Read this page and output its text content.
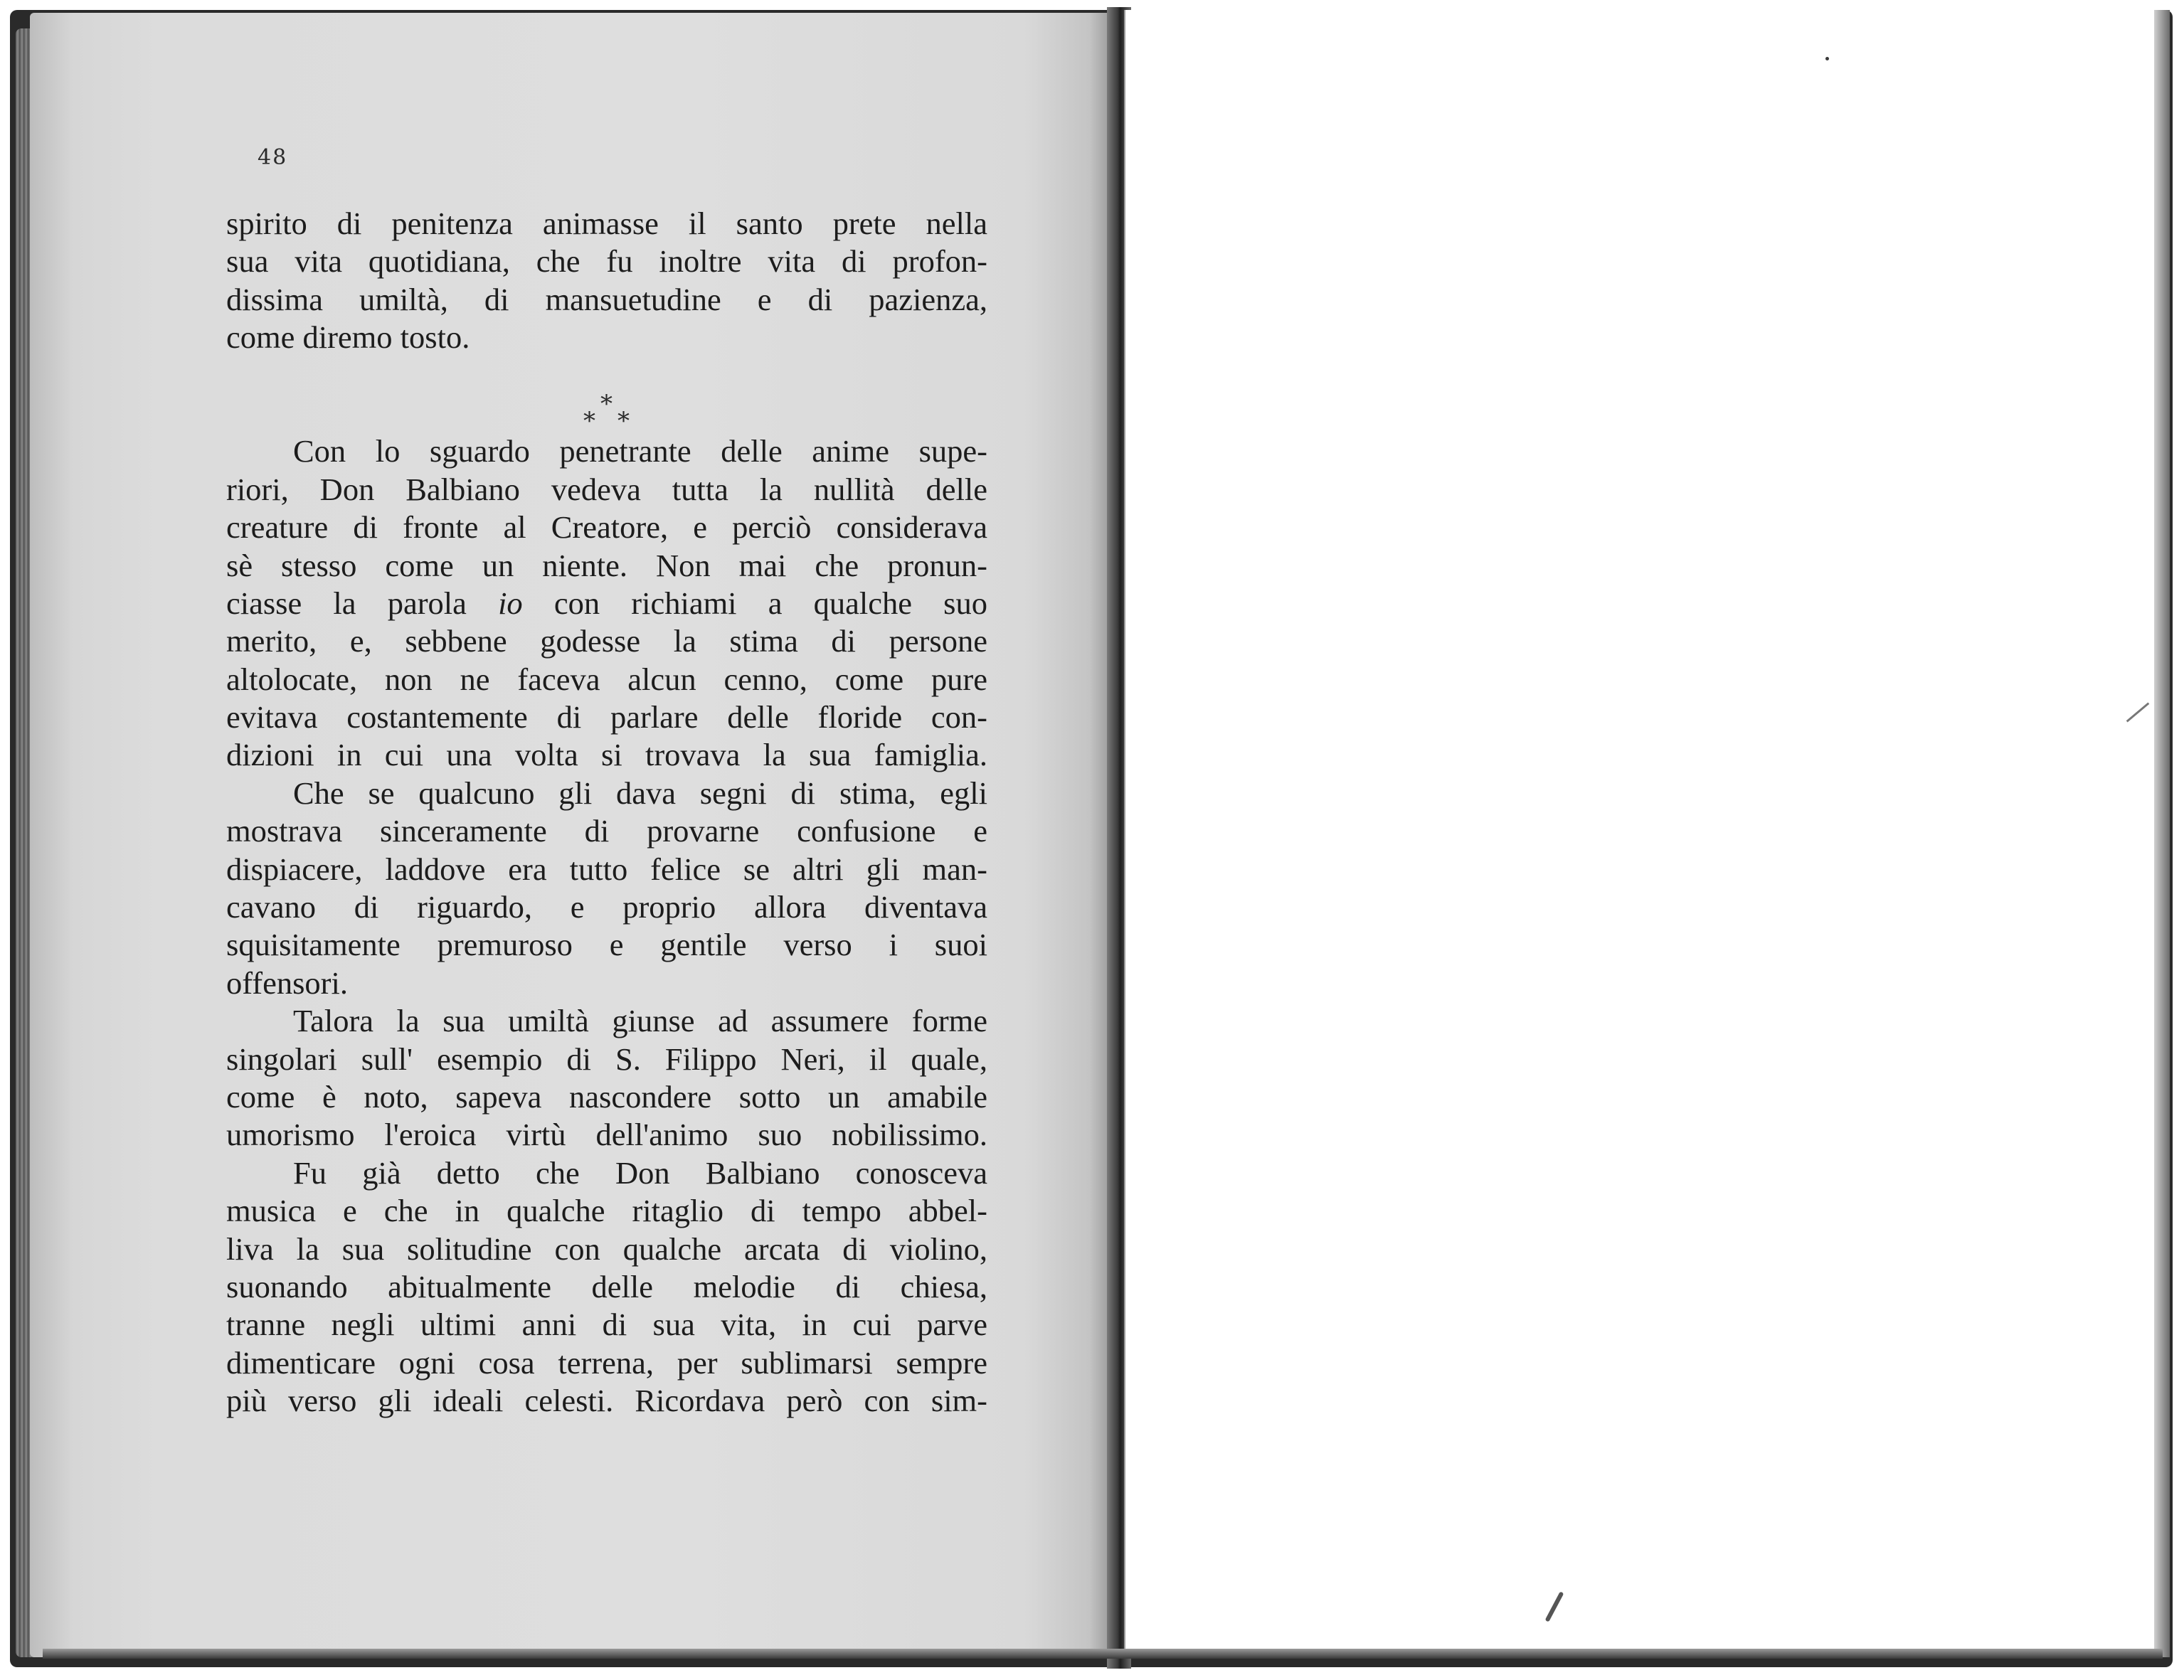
48
spirito di penitenza animasse il santo prete nella
sua vita quotidiana, che fu inoltre vita di profon-
dissima umiltà, di mansuetudine e di pazienza,
come diremo tosto.
Con lo sguardo penetrante delle anime supe-
riori, Don Balbiano vedeva tutta la nullità delle
creature di fronte al Creatore, e perciò considerava
sè stesso come un niente. Non mai che pronun-
ciasse la parola io con richiami a qualche suo
merito, e, sebbene godesse la stima di persone
altolocate, non ne faceva alcun cenno, come pure
evitava costantemente di parlare delle floride con-
dizioni in cui una volta si trovava la sua famiglia.
Che se qualcuno gli dava segni di stima, egli
mostrava sinceramente di provarne confusione e
dispiacere, laddove era tutto felice se altri gli man-
cavano di riguardo, e proprio allora diventava
squisitamente premuroso e gentile verso i suoi
offensori.
Talora la sua umiltà giunse ad assumere forme
singolari sull' esempio di S. Filippo Neri, il quale,
come è noto, sapeva nascondere sotto un amabile
umorismo l'eroica virtù dell'animo suo nobilissimo.
Fu già detto che Don Balbiano conosceva
musica e che in qualche ritaglio di tempo abbel-
liva la sua solitudine con qualche arcata di violino,
suonando abitualmente delle melodie di chiesa,
tranne negli ultimi anni di sua vita, in cui parve
dimenticare ogni cosa terrena, per sublimarsi sempre
più verso gli ideali celesti. Ricordava però con sim-
*
* *
